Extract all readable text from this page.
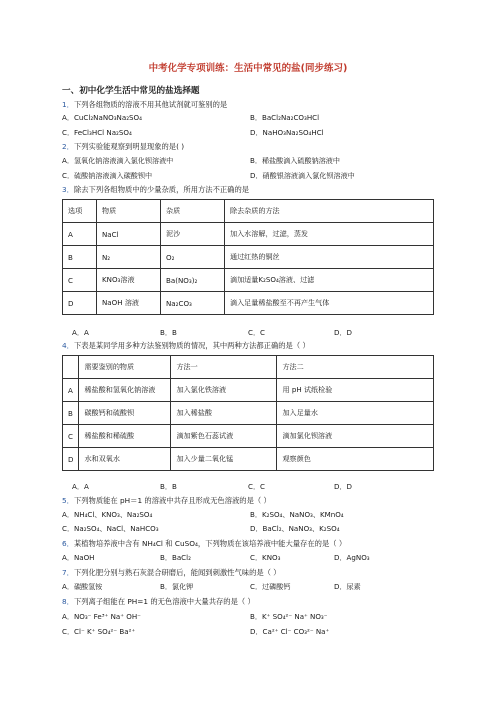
中考化学专项训练：生活中常见的盐(同步练习)
一、初中化学生活中常见的盐选择题
1．下列各组物质的溶液不用其他试剂就可鉴别的是
A．CuCl₂NaNO₃Na₂SO₄	B．BaCl₂Na₂CO₃HCl
C．FeCl₃HCl Na₂SO₄	D．NaHO₃Na₂SO₄HCl
2．下列实验能观察到明显现象的是( )
A．氢氧化钠溶液滴入氯化钡溶液中	B．稀盐酸滴入硫酸钠溶液中
C．硫酸钠溶液滴入碳酸钡中	D．硝酸银溶液滴入氯化钡溶液中
3．除去下列各组物质中的少量杂质，所用方法不正确的是
选项	物质	杂质	除去杂质的方法
A	NaCl	泥沙	加入水溶解，过滤，蒸发
B	N₂	O₂	通过红热的铜丝
C	KNO₃溶液	Ba(NO₃)₂	滴加适量K₂SO₄溶液、过滤
D	NaOH 溶液	Na₂CO₃	滴入足量稀盐酸至不再产生气体
A．A	B．B	C．C	D．D
4．下表是某同学用多种方法鉴别物质的情况，其中两种方法都正确的是（ ）
	需要鉴别的物质	方法一	方法二
A	稀盐酸和氢氧化钠溶液	加入氯化铁溶液	用 pH 试纸检验
B	碳酸钙和硫酸钡	加入稀盐酸	加入足量水
C	稀盐酸和稀硫酸	滴加紫色石蕊试液	滴加氯化钡溶液
D	水和双氧水	加入少量二氧化锰	观察颜色
A．A	B．B	C．C	D．D
5．下列物质能在 pH＝1 的溶液中共存且形成无色溶液的是（ ）
A．NH₄Cl、KNO₃、Na₂SO₄	B．K₂SO₄、NaNO₃、KMnO₄
C．Na₂SO₄、NaCl、NaHCO₃	D．BaCl₂、NaNO₃、K₂SO₄
6．某植物培养液中含有 NH₄Cl 和 CuSO₄，下列物质在该培养液中能大量存在的是（ ）
A．NaOH	B．BaCl₂	C．KNO₃	D．AgNO₃
7．下列化肥分别与熟石灰混合研磨后，能闻到刺激性气味的是（ ）
A．碳酸氢铵	B．氯化钾	C．过磷酸钙	D．尿素
8．下列离子组能在 PH=1 的无色溶液中大量共存的是（ ）
A．NO₃⁻ Fe³⁺ Na⁺ OH⁻	B．K⁺ SO₄²⁻ Na⁺ NO₃⁻
C．Cl⁻ K⁺ SO₄²⁻ Ba²⁺	D．Ca²⁺ Cl⁻ CO₃²⁻ Na⁺
